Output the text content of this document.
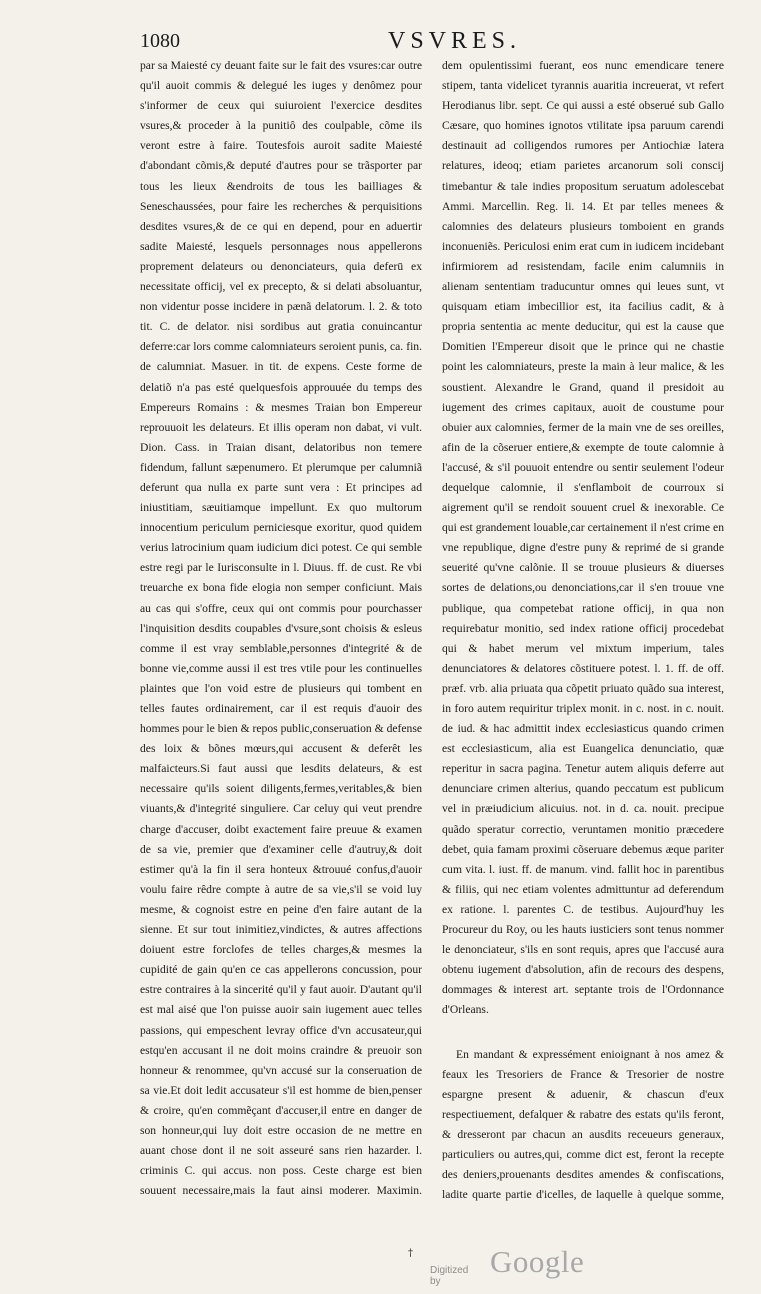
1080	VSVRES.

par sa Maiesté cy deuant faite sur le fait des vsures:car outre qu'il auoit commis & delegué les iuges y denômez pour s'informer de ceux qui suiuroient l'exercice desdites vsures,& proceder à la punitiô des coulpable, cõme ils veront estre à faire. Toutesfois auroit sadite Maiesté d'abondant cõmis,& deputé d'autres pour se trãsporter par tous les lieux &endroits de tous les bailliages & Seneschaussées, pour faire les recherches & perquisitions desdites vsures,& de ce qui en depend, pour en aduertir sadite Maiesté, lesquels personnages nous appellerons proprement delateurs ou denonciateurs, quia deferū ex necessitate officij, vel ex precepto, & si delati absoluantur, non videntur posse incidere in pænã delatorum. l. 2. & toto tit. C. de delator. nisi sordibus aut gratia conuincantur deferre:car lors comme calomniateurs seroient punis, ca. fin. de calumniat. Masuer. in tit. de expens. Ceste forme de delatiõ n'a pas esté quelquesfois approuuée du temps des Empereurs Romains : & mesmes Traian bon Empereur reprouuoit les delateurs. Et illis operam non dabat, vi vult. Dion. Cass. in Traian disant, delatoribus non temere fidendum, fallunt sæpenumero. Et plerumque per calumniã deferunt qua nulla ex parte sunt vera : Et principes ad iniustitiam, sæuitiamque impellunt. Ex quo multorum innocentium periculum perniciesque exoritur, quod quidem verius latrocinium quam iudicium dici potest. Ce qui semble estre regi par le Iurisconsulte in l. Diuus. ff. de cust. Re vbi treuarche ex bona fide elogia non semper conficiunt. Mais au cas qui s'offre, ceux qui ont commis pour pourchasser l'inquisition desdits coupables d'vsure,sont choisis & esleus comme il est vray semblable,personnes d'integrité & de bonne vie,comme aussi il est tres vtile pour les continuelles plaintes que l'on void estre de plusieurs qui tombent en telles fautes ordinairement, car il est requis d'auoir des hommes pour le bien & repos public,conseruation & defense des loix & bõnes mœurs,qui accusent & deferêt les malfaicteurs.Si faut aussi que lesdits delateurs, & est necessaire qu'ils soient diligents,fermes,veritables,& bien viuants,& d'integrité singuliere. Car celuy qui veut prendre charge d'accuser, doibt exactement faire preuue & examen de sa vie, premier que d'examiner celle d'autruy,& doit estimer qu'à la fin il sera honteux &trouué confus,d'auoir voulu faire rêdre compte à autre de sa vie,s'il se void luy mesme, & cognoist estre en peine d'en faire autant de la sienne. Et sur tout inimitiez,vindictes, & autres affections doiuent estre forclofes de telles charges,& mesmes la cupidité de gain qu'en ce cas appellerons concussion, pour estre contraires à la sincerité qu'il y faut auoir. D'autant qu'il est mal aisé que l'on puisse auoir sain iugement auec telles passions, qui empeschent levray office d'vn accusateur,qui estqu'en accusant il ne doit moins craindre & preuoir son honneur & renommee, qu'vn accusé sur la conseruation de sa vie.Et doit ledit accusateur s'il est homme de bien,penser & croire, qu'en commẽçant d'accuser,il entre en danger de son honneur,qui luy doit estre occasion de ne mettre en auant chose dont il ne soit asseuré sans rien hazarder. l. criminis C. qui accus. non poss. Ceste charge est bien souuent necessaire,mais la faut ainsi moderer. Maximin.

dem opulentissimi fuerant, eos nunc emendicare tenere stipem, tanta videlicet tyrannis auaritia increuerat, vt refert Herodianus libr. sept. Ce qui aussi a esté obserué sub Gallo Cæsare, quo homines ignotos vtilitate ipsa paruum carendi destinauit ad colligendos rumores per Antiochiæ latera relatures, ideoq; etiam parietes arcanorum soli conscij timebantur & tale indies propositum seruatum adolescebat Ammi. Marcellin. Reg. li. 14. Et par telles menees & calomnies des delateurs plusieurs tomboient en grands inconueniẽs. Periculosi enim erat cum in iudicem incidebant infirmiorem ad resistendam, facile enim calumniis in alienam sententiam traducuntur omnes qui leues sunt, vt quisquam etiam imbecillior est, ita facilius cadit, & à propria sententia ac mente deducitur, qui est la cause que Domitien l'Empereur disoit que le prince qui ne chastie point les calomniateurs, preste la main à leur malice, & les soustient. Alexandre le Grand, quand il presidoit au iugement des crimes capitaux, auoit de coustume pour obuier aux calomnies, fermer de la main vne de ses oreilles, afin de la cõseruer entiere,& exempte de toute calomnie à l'accusé, & s'il pouuoit entendre ou sentir seulement l'odeur dequelque calomnie, il s'enflamboit de courroux si aigrement qu'il se rendoit souuent cruel & inexorable. Ce qui est grandement louable,car certainement il n'est crime en vne republique, digne d'estre puny & reprimé de si grande seuerité qu'vne calõnie. Il se trouue plusieurs & diuerses sortes de delations,ou denonciations,car il s'en trouue vne publique, qua competebat ratione officij, in qua non requirebatur monitio, sed index ratione officij procedebat qui & habet merum vel mixtum imperium, tales denunciatores & delatores cõstituere potest. l. 1. ff. de off. præf. vrb. alia priuata qua cõpetit priuato quãdo sua interest, in foro autem requiritur triplex monit. in c. nost. in c. nouit. de iud. & hac admittit index ecclesiasticus quando crimen est ecclesiasticum, alia est Euangelica denunciatio, quæ reperitur in sacra pagina. Tenetur autem aliquis deferre aut denunciare crimen alterius, quando peccatum est publicum vel in præiudicium alicuius. not. in d. ca. nouit. precipue quãdo speratur correctio, veruntamen monitio præcedere debet, quia famam proximi cõseruare debemus æque pariter cum vita. l. iust. ff. de manum. vind. fallit hoc in parentibus & filiis, qui nec etiam volentes admittuntur ad deferendum ex ratione. l. parentes C. de testibus. Aujourd'huy les Procureur du Roy, ou les hauts iusticiers sont tenus nommer le denonciateur, s'ils en sont requis, apres que l'accusé aura obtenu iugement d'absolution, afin de recours des despens, dommages & interest art. septante trois de l'Ordonnance d'Orleans.

En mandant & expressément enioignant à nos amez & feaux les Tresoriers de France & Tresorier de nostre espargne present & aduenir, & chascun d'eux respectiuement, defalquer & rabatre des estats qu'ils feront, & dresseront par chacun an ausdits receueurs generaux, particuliers ou autres,qui, comme dict est, feront la recepte des deniers,prouenants desdites amendes & confiscations, ladite quarte partie d'icelles, de laquelle à quelque somme,

†
Digitized by
Google
